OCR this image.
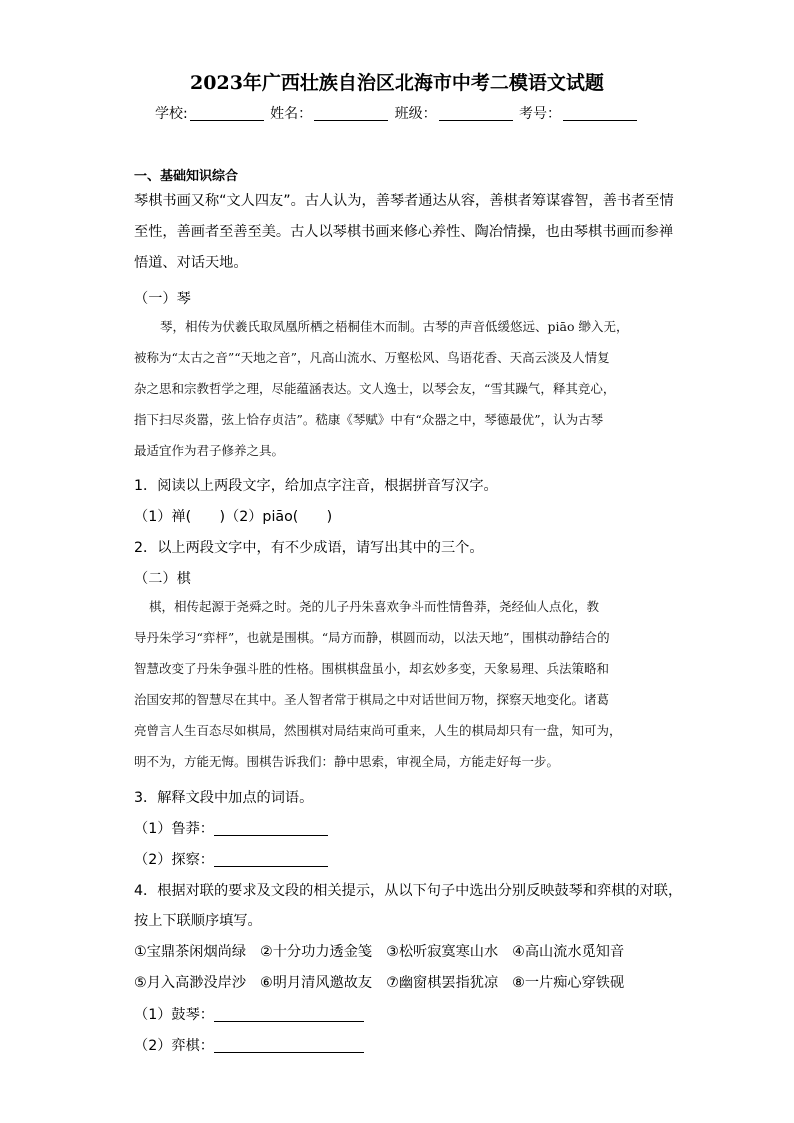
2023年广西壮族自治区北海市中考二模语文试题
学校:	姓名：	班级：	考号：
一、基础知识综合
琴棋书画又称“文人四友”。古人认为，善琴者通达从容，善棋者筹谋睿智，善书者至情
至性，善画者至善至美。古人以琴棋书画来修心养性、陶冶情操，也由琴棋书画而参禅
悟道、对话天地。
（一）琴
琴，相传为伏羲氏取凤凰所栖之梧桐佳木而制。古琴的声音低缓悠远、piāo 缈入无，
被称为“太古之音”“天地之音”，凡高山流水、万壑松风、鸟语花香、天高云淡及人情复
杂之思和宗教哲学之理，尽能蕴涵表达。文人逸士，以琴会友，“雪其躁气，释其竞心，
指下扫尽炎嚣，弦上恰存贞洁”。嵇康《琴赋》中有“众器之中，琴德最优”，认为古琴
最适宜作为君子修养之具。
1．阅读以上两段文字，给加点字注音，根据拼音写汉字。
（1）禅(　　)（2）piāo(　　)
2．以上两段文字中，有不少成语，请写出其中的三个。
（二）棋
棋，相传起源于尧舜之时。尧的儿子丹朱喜欢争斗而性情鲁莽，尧经仙人点化，教
导丹朱学习“弈枰”，也就是围棋。“局方而静，棋圆而动，以法天地”，围棋动静结合的
智慧改变了丹朱争强斗胜的性格。围棋棋盘虽小，却玄妙多变，天象易理、兵法策略和
治国安邦的智慧尽在其中。圣人智者常于棋局之中对话世间万物，探察天地变化。诸葛
亮曾言人生百态尽如棋局，然围棋对局结束尚可重来，人生的棋局却只有一盘，知可为，
明不为，方能无悔。围棋告诉我们：静中思索，审视全局，方能走好每一步。
3．解释文段中加点的词语。
（1）鲁莽：
（2）探察：
4．根据对联的要求及文段的相关提示，从以下句子中选出分别反映鼓琴和弈棋的对联，
按上下联顺序填写。
①宝鼎茶闲烟尚绿 ②十分功力透金笺 ③松听寂寞寒山水 ④高山流水觅知音
⑤月入高渺没岸沙 ⑥明月清风邀故友 ⑦幽窗棋罢指犹凉 ⑧一片痴心穿铁砚
（1）鼓琴：
（2）弈棋：
